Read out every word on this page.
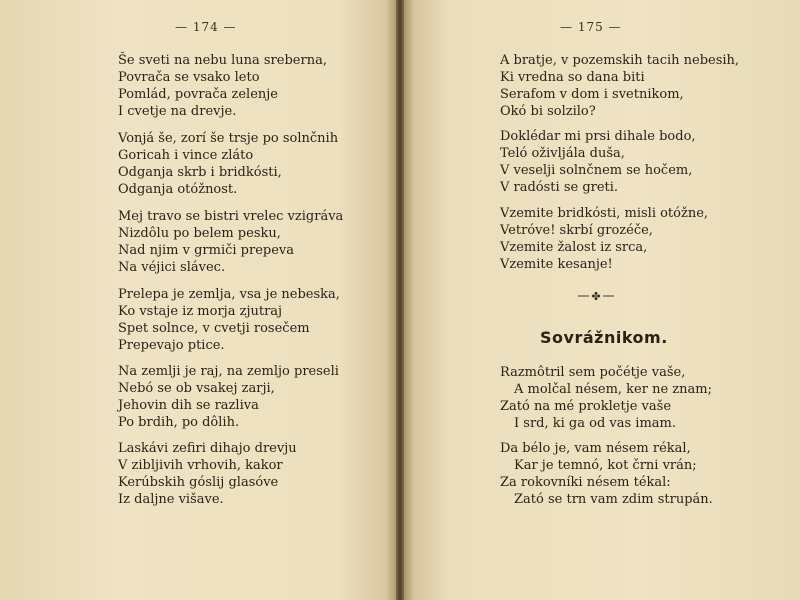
— 174 —	— 175 —
Še sveti na nebu luna sreberna,
Povrača se vsako leto
Pomlád, povrača zelenje
I cvetje na drevje.
Vonjá še, zorí še trsje po solnčnih
Goricah i vince zláto
Odganja skrb i bridkósti,
Odganja otóžnost.
Mej travo se bistri vrelec vzigráva
Nizdôlu po belem pesku,
Nad njim v grmiči prepeva
Na véjici slávec.
Prelepa je zemlja, vsa je nebeska,
Ko vstaje iz morja zjutraj
Spet solnce, v cvetji rosečem
Prepevajo ptice.
Na zemlji je raj, na zemljo preseli
Nebó se ob vsakej zarji,
Jehovin dih se razliva
Po brdih, po dôlih.
Laskávi zefiri dihajo drevju
V zibljivih vrhovih, kakor
Kerúbskih góslij glasóve
Iz daljne višave.
A bratje, v pozemskih tacih nebesih,
Ki vredna so dana biti
Serafom v dom i svetnikom,
Okó bi solzilo?
Doklédar mi prsi dihale bodo,
Teló oživljála duša,
V veselji solnčnem se hočem,
V radósti se greti.
Vzemite bridkósti, misli otóžne,
Vetróve! skrbí grozéče,
Vzemite žalost iz srca,
Vzemite kesanje!
✤
Sovrážnikom.
Razmôtril sem počétje vaše,
A molčal nésem, ker ne znam;
Zató na mé prokletje vaše
I srd, ki ga od vas imam.
Da bélo je, vam nésem rékal,
Kar je temnó, kot črni vrán;
Za rokovníki nésem tékal:
Zató se trn vam zdim strupán.
